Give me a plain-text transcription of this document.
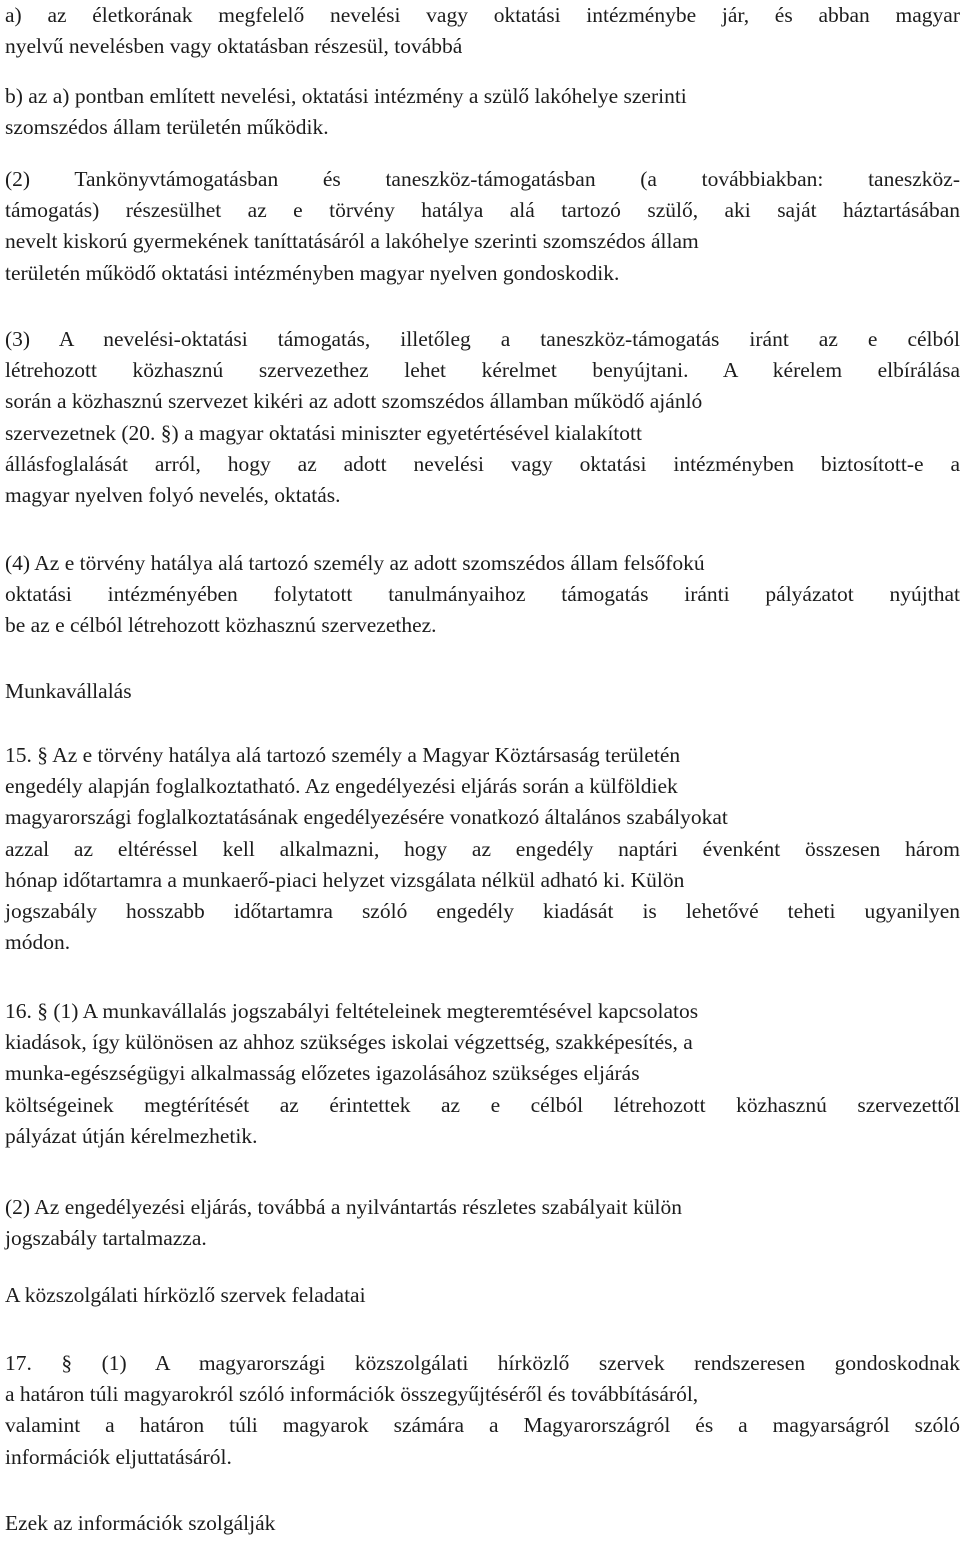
a) az életkorának megfelelő nevelési vagy oktatási intézménybe jár, és abban magyar
nyelvű nevelésben vagy oktatásban részesül, továbbá
b) az a) pontban említett nevelési, oktatási intézmény a szülő lakóhelye szerinti
szomszédos állam területén működik.
(2) Tankönyvtámogatásban és taneszköz-támogatásban (a továbbiakban: taneszköz-
támogatás) részesülhet az e törvény hatálya alá tartozó szülő, aki saját háztartásában
nevelt kiskorú gyermekének taníttatásáról a lakóhelye szerinti szomszédos állam
területén működő oktatási intézményben magyar nyelven gondoskodik.
(3) A nevelési-oktatási támogatás, illetőleg a taneszköz-támogatás iránt az e célból
létrehozott közhasznú szervezethez lehet kérelmet benyújtani. A kérelem elbírálása
során a közhasznú szervezet kikéri az adott szomszédos államban működő ajánló
szervezetnek (20. §) a magyar oktatási miniszter egyetértésével kialakított
állásfoglalását arról, hogy az adott nevelési vagy oktatási intézményben biztosított-e a
magyar nyelven folyó nevelés, oktatás.
(4) Az e törvény hatálya alá tartozó személy az adott szomszédos állam felsőfokú
oktatási intézményében folytatott tanulmányaihoz támogatás iránti pályázatot nyújthat
be az e célból létrehozott közhasznú szervezethez.
Munkavállalás
15. § Az e törvény hatálya alá tartozó személy a Magyar Köztársaság területén
engedély alapján foglalkoztatható. Az engedélyezési eljárás során a külföldiek
magyarországi foglalkoztatásának engedélyezésére vonatkozó általános szabályokat
azzal az eltéréssel kell alkalmazni, hogy az engedély naptári évenként összesen három
hónap időtartamra a munkaerő-piaci helyzet vizsgálata nélkül adható ki. Külön
jogszabály hosszabb időtartamra szóló engedély kiadását is lehetővé teheti ugyanilyen
módon.
16. § (1) A munkavállalás jogszabályi feltételeinek megteremtésével kapcsolatos
kiadások, így különösen az ahhoz szükséges iskolai végzettség, szakképesítés, a
munka-egészségügyi alkalmasság előzetes igazolásához szükséges eljárás
költségeinek megtérítését az érintettek az e célból létrehozott közhasznú szervezettől
pályázat útján kérelmezhetik.
(2) Az engedélyezési eljárás, továbbá a nyilvántartás részletes szabályait külön
jogszabály tartalmazza.
A közszolgálati hírközlő szervek feladatai
17. § (1) A magyarországi közszolgálati hírközlő szervek rendszeresen gondoskodnak
a határon túli magyarokról szóló információk összegyűjtéséről és továbbításáról,
valamint a határon túli magyarok számára a Magyarországról és a magyarságról szóló
információk eljuttatásáról.
Ezek az információk szolgálják
